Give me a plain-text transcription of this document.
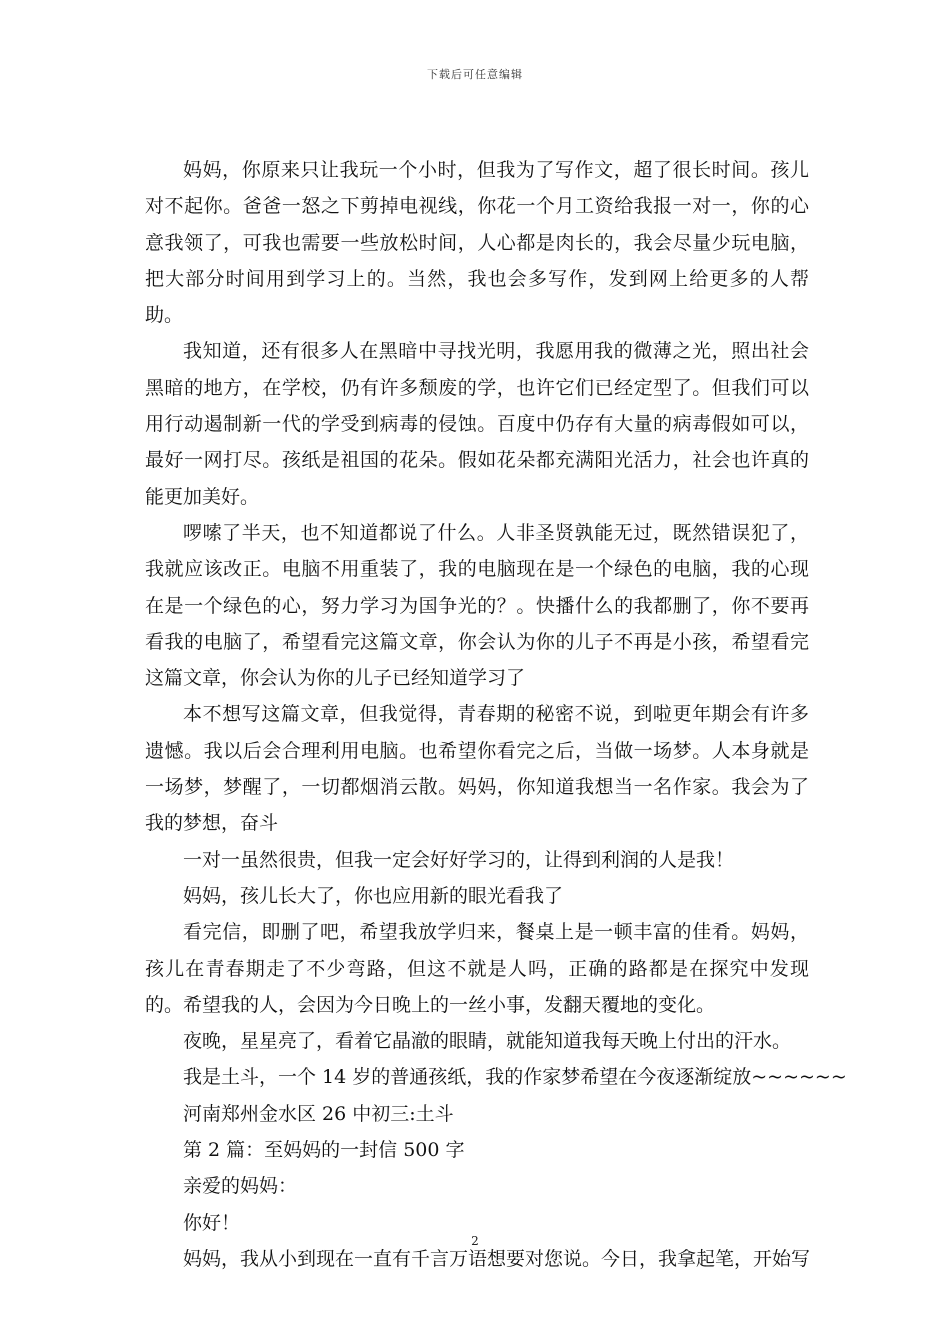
下载后可任意编辑

妈妈，你原来只让我玩一个小时，但我为了写作文，超了很长时间。孩儿对不起你。爸爸一怒之下剪掉电视线，你花一个月工资给我报一对一，你的心意我领了，可我也需要一些放松时间，人心都是肉长的，我会尽量少玩电脑，把大部分时间用到学习上的。当然，我也会多写作，发到网上给更多的人帮助。

我知道，还有很多人在黑暗中寻找光明，我愿用我的微薄之光，照出社会黑暗的地方，在学校，仍有许多颓废的学，也许它们已经定型了。但我们可以用行动遏制新一代的学受到病毒的侵蚀。百度中仍存有大量的病毒假如可以，最好一网打尽。孩纸是祖国的花朵。假如花朵都充满阳光活力，社会也许真的能更加美好。

啰嗦了半天，也不知道都说了什么。人非圣贤孰能无过，既然错误犯了，我就应该改正。电脑不用重装了，我的电脑现在是一个绿色的电脑，我的心现在是一个绿色的心，努力学习为国争光的？。快播什么的我都删了，你不要再看我的电脑了，希望看完这篇文章，你会认为你的儿子不再是小孩，希望看完这篇文章，你会认为你的儿子已经知道学习了

本不想写这篇文章，但我觉得，青春期的秘密不说，到啦更年期会有许多遗憾。我以后会合理利用电脑。也希望你看完之后，当做一场梦。人本身就是一场梦，梦醒了，一切都烟消云散。妈妈，你知道我想当一名作家。我会为了我的梦想，奋斗

一对一虽然很贵，但我一定会好好学习的，让得到利润的人是我！

妈妈，孩儿长大了，你也应用新的眼光看我了

看完信，即删了吧，希望我放学归来，餐桌上是一顿丰富的佳肴。妈妈，孩儿在青春期走了不少弯路，但这不就是人吗，正确的路都是在探究中发现的。希望我的人，会因为今日晚上的一丝小事，发翻天覆地的变化。

夜晚，星星亮了，看着它晶澈的眼睛，就能知道我每天晚上付出的汗水。

我是土斗，一个 14 岁的普通孩纸，我的作家梦希望在今夜逐渐绽放~~~~~~

河南郑州金水区 26 中初三:土斗

第 2 篇：至妈妈的一封信 500 字

亲爱的妈妈：

你好！

妈妈，我从小到现在一直有千言万语想要对您说。今日，我拿起笔，开始写

2
